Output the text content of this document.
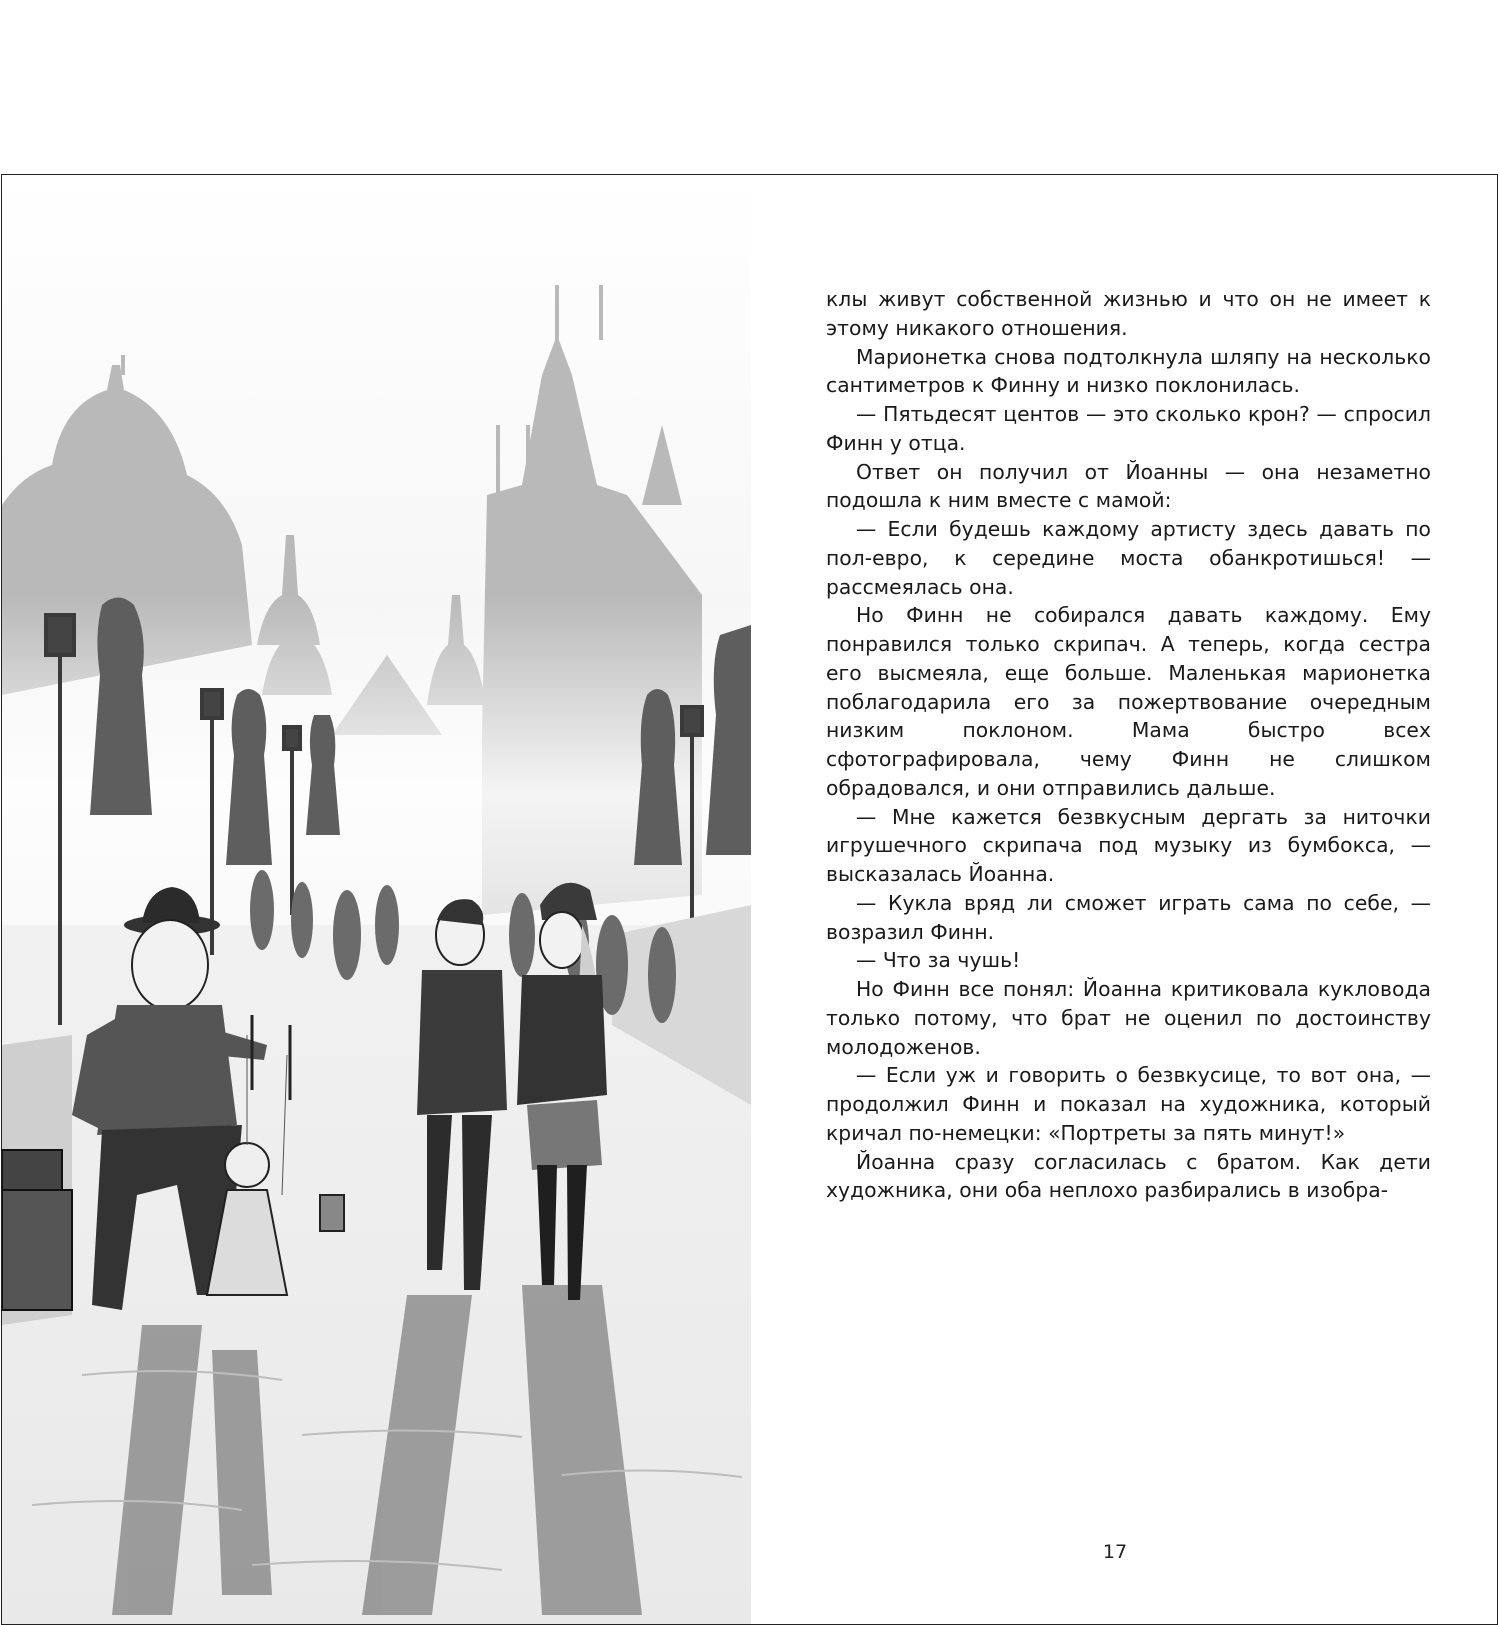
клы живут собственной жизнью и что он не имеет к этому никакого отношения.

Марионетка снова подтолкнула шляпу на несколько сантиметров к Финну и низко поклонилась.

— Пятьдесят центов — это сколько крон? — спросил Финн у отца.

Ответ он получил от Йоанны — она незаметно подошла к ним вместе с мамой:

— Если будешь каждому артисту здесь давать по пол-евро, к середине моста обанкротишься! — рассмеялась она.

Но Финн не собирался давать каждому. Ему понравился только скрипач. А теперь, когда сестра его высмеяла, еще больше. Маленькая марионетка поблагодарила его за пожертвование очередным низким поклоном. Мама быстро всех сфотографировала, чему Финн не слишком обрадовался, и они отправились дальше.

— Мне кажется безвкусным дергать за ниточки игрушечного скрипача под музыку из бумбокса, — высказалась Йоанна.

— Кукла вряд ли сможет играть сама по себе, — возразил Финн.

— Что за чушь!

Но Финн все понял: Йоанна критиковала кукловода только потому, что брат не оценил по достоинству молодоженов.

— Если уж и говорить о безвкусице, то вот она, — продолжил Финн и показал на художника, который кричал по-немецки: «Портреты за пять минут!»

Йоанна сразу согласилась с братом. Как дети художника, они оба неплохо разбирались в изобра-

17
